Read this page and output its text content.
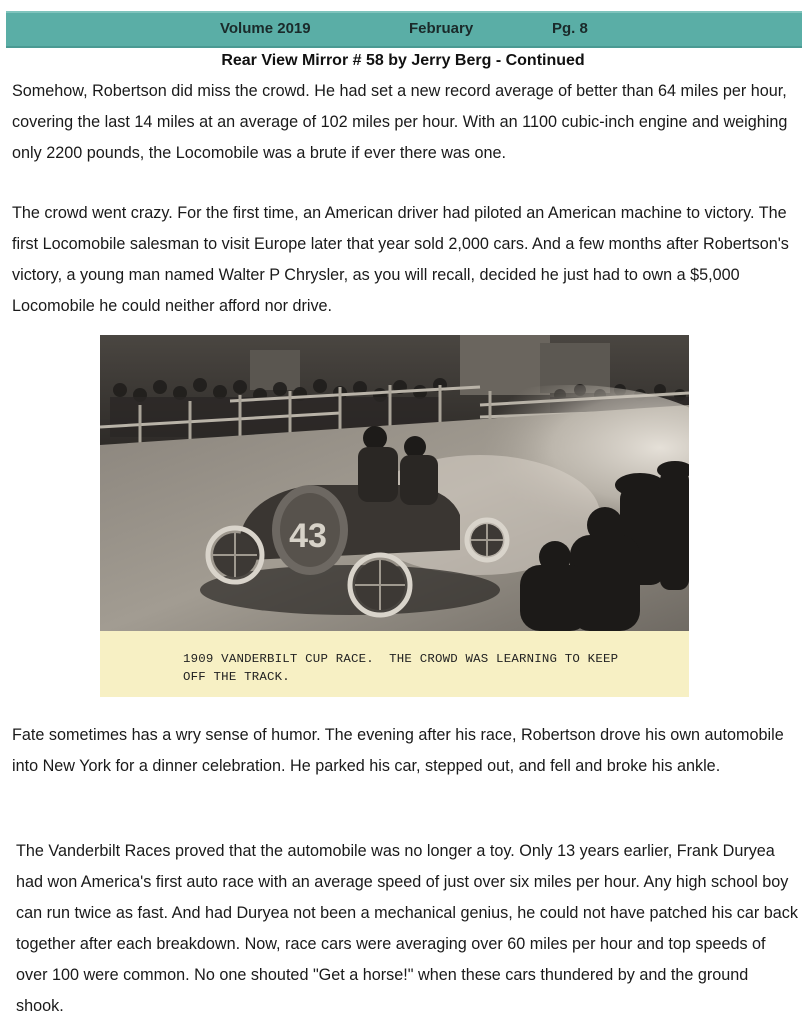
Volume 2019	February	Pg. 8
Rear View Mirror # 58 by Jerry Berg - Continued

Somehow, Robertson did miss the crowd. He had set a new record average of better than 64 miles per hour, covering the last 14 miles at an average of 102 miles per hour. With an 1100 cubic-inch engine and weighing only 2200 pounds, the Locomobile was a brute if ever there was one.

The crowd went crazy. For the first time, an American driver had piloted an American machine to victory. The first Locomobile salesman to visit Europe later that year sold 2,000 cars. And a few months after Robertson's victory, a young man named Walter P Chrysler, as you will recall, decided he just had to own a $5,000 Locomobile he could neither afford nor drive.

43
1909 VANDERBILT CUP RACE.  THE CROWD WAS LEARNING TO KEEP
OFF THE TRACK.

Fate sometimes has a wry sense of humor. The evening after his race, Robertson drove his own automobile into New York for a dinner celebration. He parked his car, stepped out, and fell and broke his ankle.

The Vanderbilt Races proved that the automobile was no longer a toy. Only 13 years earlier, Frank Duryea had won America's first auto race with an average speed of just over six miles per hour. Any high school boy can run twice as fast. And had Duryea not been a mechanical genius, he could not have patched his car back together after each breakdown. Now, race cars were averaging over 60 miles per hour and top speeds of over 100 were common. No one shouted "Get a horse!" when these cars thundered by and the ground shook.
